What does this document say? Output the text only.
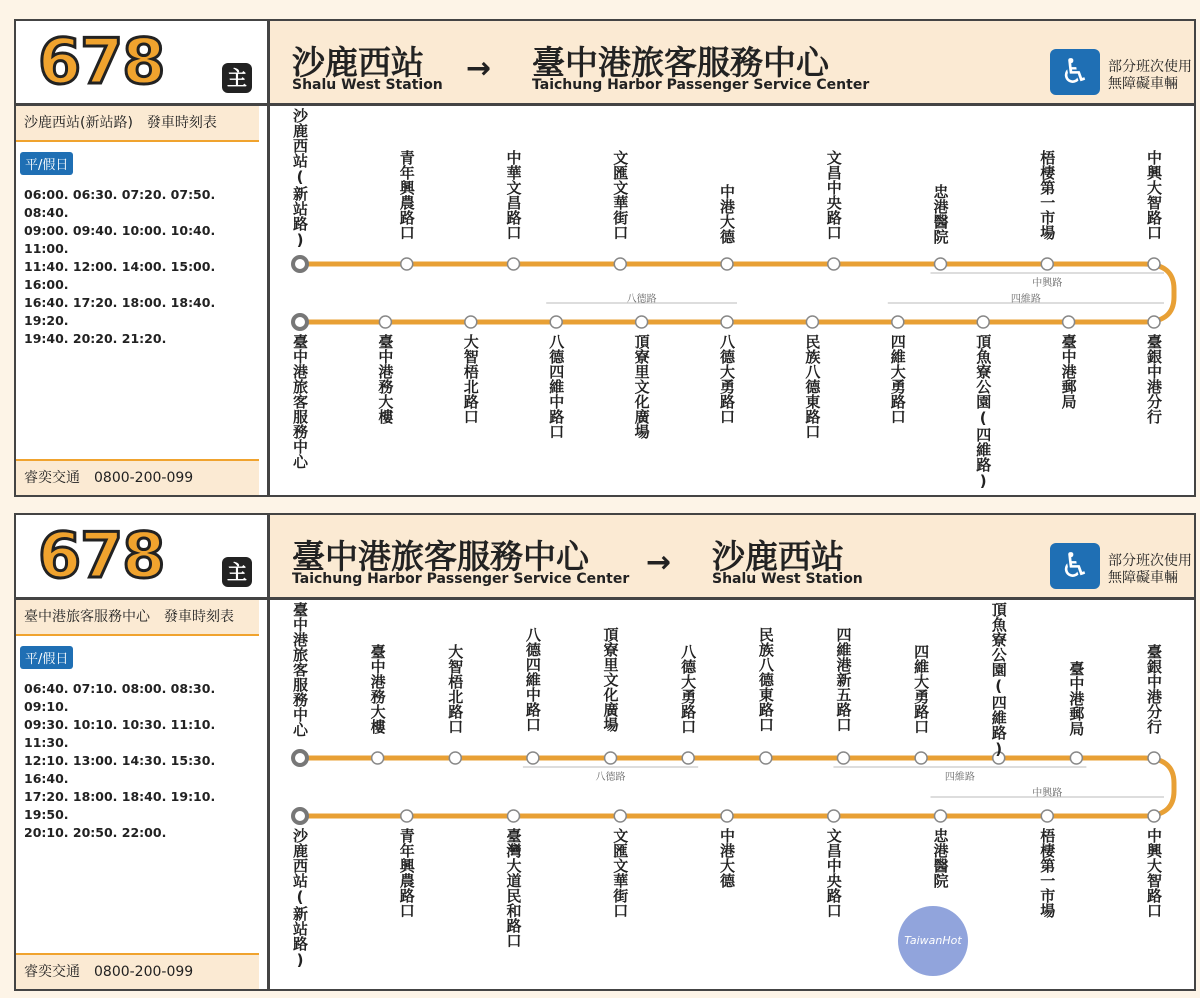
678	主 沙鹿西站
Shalu West Station → 臺中港旅客服務中心
Taichung Harbor Passenger Service Center	♿	部分班次使用
無障礙車輛
沙鹿西站(新站路)　發車時刻表
平/假日
06:00. 06:30. 07:20. 07:50. 08:40.
09:00. 09:40. 10:00. 10:40. 11:00.
11:40. 12:00. 14:00. 15:00. 16:00.
16:40. 17:20. 18:00. 18:40. 19:20.
19:40. 20:20. 21:20.
睿奕交通　0800-200-099
中興路
八德路	四維路
沙鹿西站(新站路)	青年興農路口	中華文昌路口	文匯文華街口	中港大德	文昌中央路口	忠港醫院	梧棲第一市場	中興大智路口
臺中港旅客服務中心	臺中港務大樓	大智梧北路口	八德四維中路口	頂寮里文化廣場	八德大勇路口	民族八德東路口	四維大勇路口	頂魚寮公園(四維路)	臺中港郵局	臺銀中港分行
678	主 臺中港旅客服務中心
Taichung Harbor Passenger Service Center → 沙鹿西站
Shalu West Station	♿	部分班次使用
無障礙車輛
臺中港旅客服務中心　發車時刻表
平/假日
06:40. 07:10. 08:00. 08:30. 09:10.
09:30. 10:10. 10:30. 11:10. 11:30.
12:10. 13:00. 14:30. 15:30. 16:40.
17:20. 18:00. 18:40. 19:10. 19:50.
20:10. 20:50. 22:00.
睿奕交通　0800-200-099
八德路	四維路
中興路
臺中港旅客服務中心	臺中港務大樓	大智梧北路口	八德四維中路口	頂寮里文化廣場	八德大勇路口	民族八德東路口	四維港新五路口	四維大勇路口	頂魚寮公園(四維路)	臺中港郵局	臺銀中港分行
沙鹿西站(新站路)	青年興農路口	臺灣大道民和路口	文匯文華街口	中港大德	文昌中央路口	忠港醫院	梧棲第一市場	中興大智路口
TaiwanHot
